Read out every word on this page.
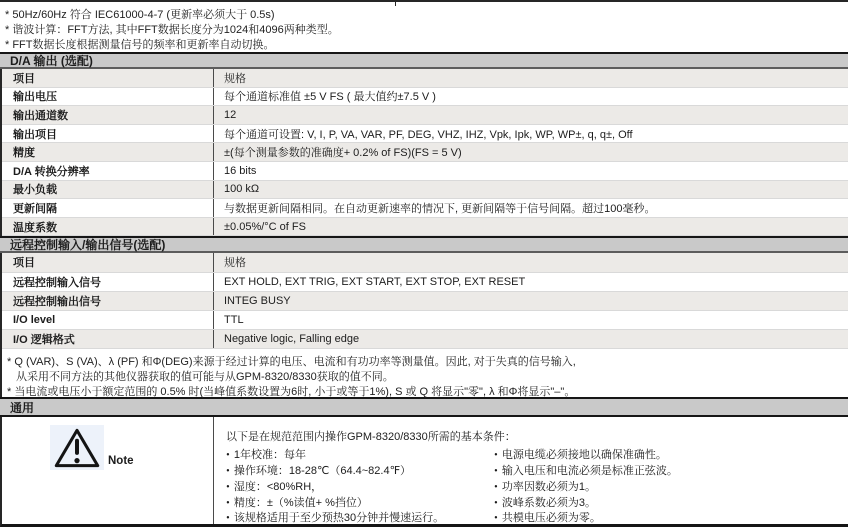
* 50Hz/60Hz 符合 IEC61000-4-7 (更新率必须大于 0.5s)
* 谐波计算：FFT方法, 其中FFT数据长度分为1024和4096两种类型。
* FFT数据长度根据测量信号的频率和更新率自动切换。
D/A 输出 (选配)
项目	规格
输出电压	每个通道标准值 ±5 V FS ( 最大值约±7.5 V )
输出通道数	12
输出项目	每个通道可设置: V, I, P, VA, VAR, PF, DEG, VHZ, IHZ, Vpk, Ipk, WP, WP±, q, q±, Off
精度	±(每个测量参数的准确度+ 0.2% of FS)(FS = 5 V)
D/A 转换分辨率	16 bits
最小负载	100 kΩ
更新间隔	与数据更新间隔相同。在自动更新速率的情况下, 更新间隔等于信号间隔。超过100毫秒。
温度系数	±0.05%/°C of FS
远程控制输入/输出信号(选配)
项目	规格
远程控制输入信号	EXT HOLD, EXT TRIG, EXT START, EXT STOP, EXT RESET
远程控制输出信号	INTEG BUSY
I/O level	TTL
I/O 逻辑格式	Negative logic, Falling edge
* Q (VAR)、S (VA)、λ (PF) 和Φ(DEG)来源于经过计算的电压、电流和有功功率等测量值。因此, 对于失真的信号输入,
从采用不同方法的其他仪器获取的值可能与从GPM-8320/8330获取的值不同。
* 当电流或电压小于额定范围的 0.5% 时(当峰值系数设置为6时, 小于或等于1%), S 或 Q 将显示"零", λ 和Φ将显示"–"。
通用
Note
以下是在规范范围内操作GPM-8320/8330所需的基本条件：
• 1年校准：每年
• 操作环境：18-28℃（64.4~82.4℉）
• 湿度：<80%RH，
• 精度：±（%读值+ %挡位）
• 该规格适用于至少预热30分钟并慢速运行。
• 电源电缆必须接地以确保准确性。
• 输入电压和电流必须是标准正弦波。
• 功率因数必须为1。
• 波峰系数必须为3。
• 共模电压必须为零。
